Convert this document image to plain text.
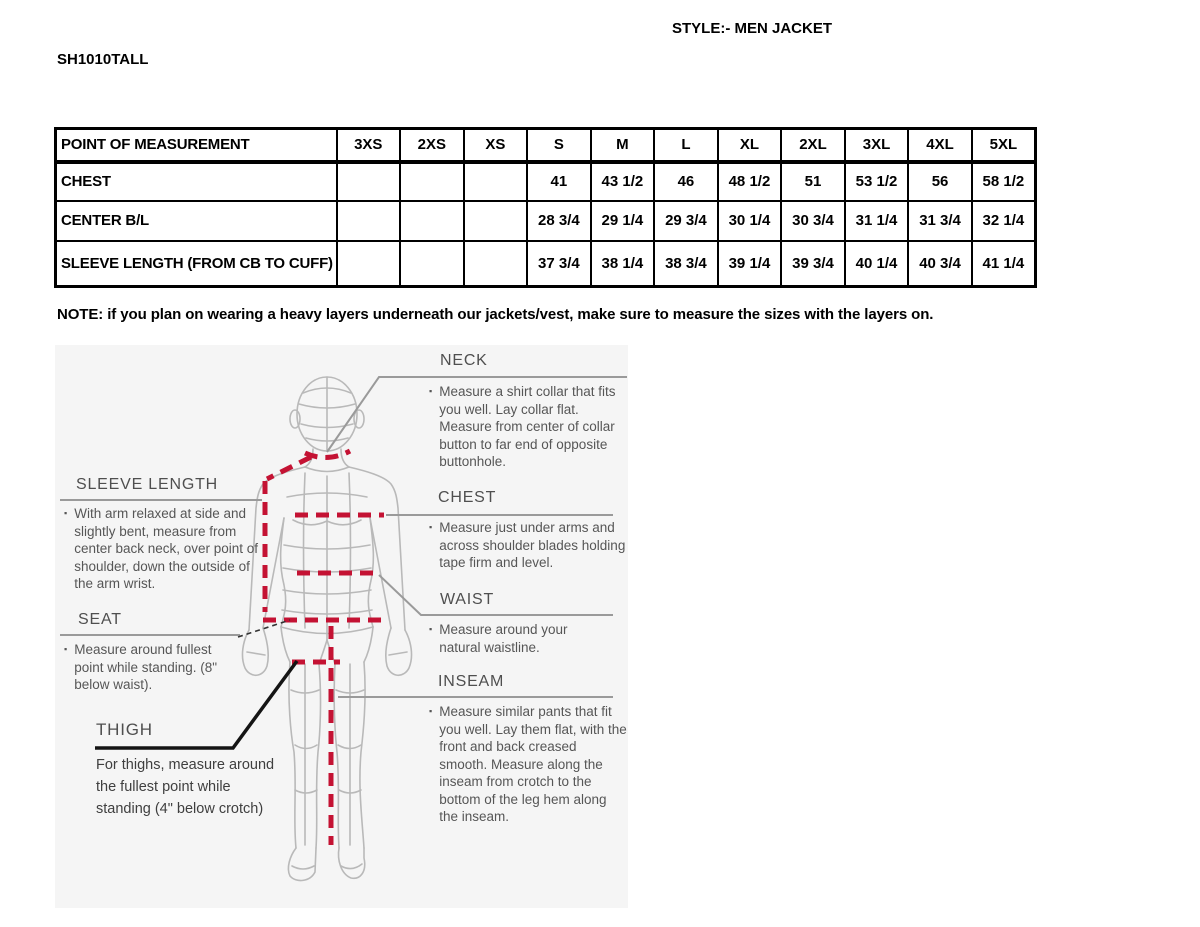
STYLE:- MEN JACKET
SH1010TALL
POINT OF MEASUREMENT	3XS	2XS	XS	S	M	L	XL	2XL	3XL	4XL	5XL
CHEST				41	43 1/2	46	48 1/2	51	53 1/2	56	58 1/2
CENTER B/L				28 3/4	29 1/4	29 3/4	30 1/4	30 3/4	31 1/4	31 3/4	32 1/4
SLEEVE LENGTH (FROM CB TO CUFF)				37 3/4	38 1/4	38 3/4	39 1/4	39 3/4	40 1/4	40 3/4	41 1/4
NOTE: if you plan on wearing a heavy layers underneath our jackets/vest, make sure to measure the sizes with the layers on.
NECK
▪ Measure a shirt collar that fits you well. Lay collar flat. Measure from center of collar button to far end of opposite buttonhole.
CHEST
▪ Measure just under arms and across shoulder blades holding tape firm and level.
WAIST
▪ Measure around your natural waistline.
INSEAM
▪ Measure similar pants that fit you well. Lay them flat, with the front and back creased smooth. Measure along the inseam from crotch to the bottom of the leg hem along the inseam.
SLEEVE LENGTH
▪ With arm relaxed at side and slightly bent, measure from center back neck, over point of shoulder, down the outside of the arm wrist.
SEAT
▪ Measure around fullest point while standing. (8" below waist).
THIGH
For thighs, measure around the fullest point while standing (4" below crotch)
